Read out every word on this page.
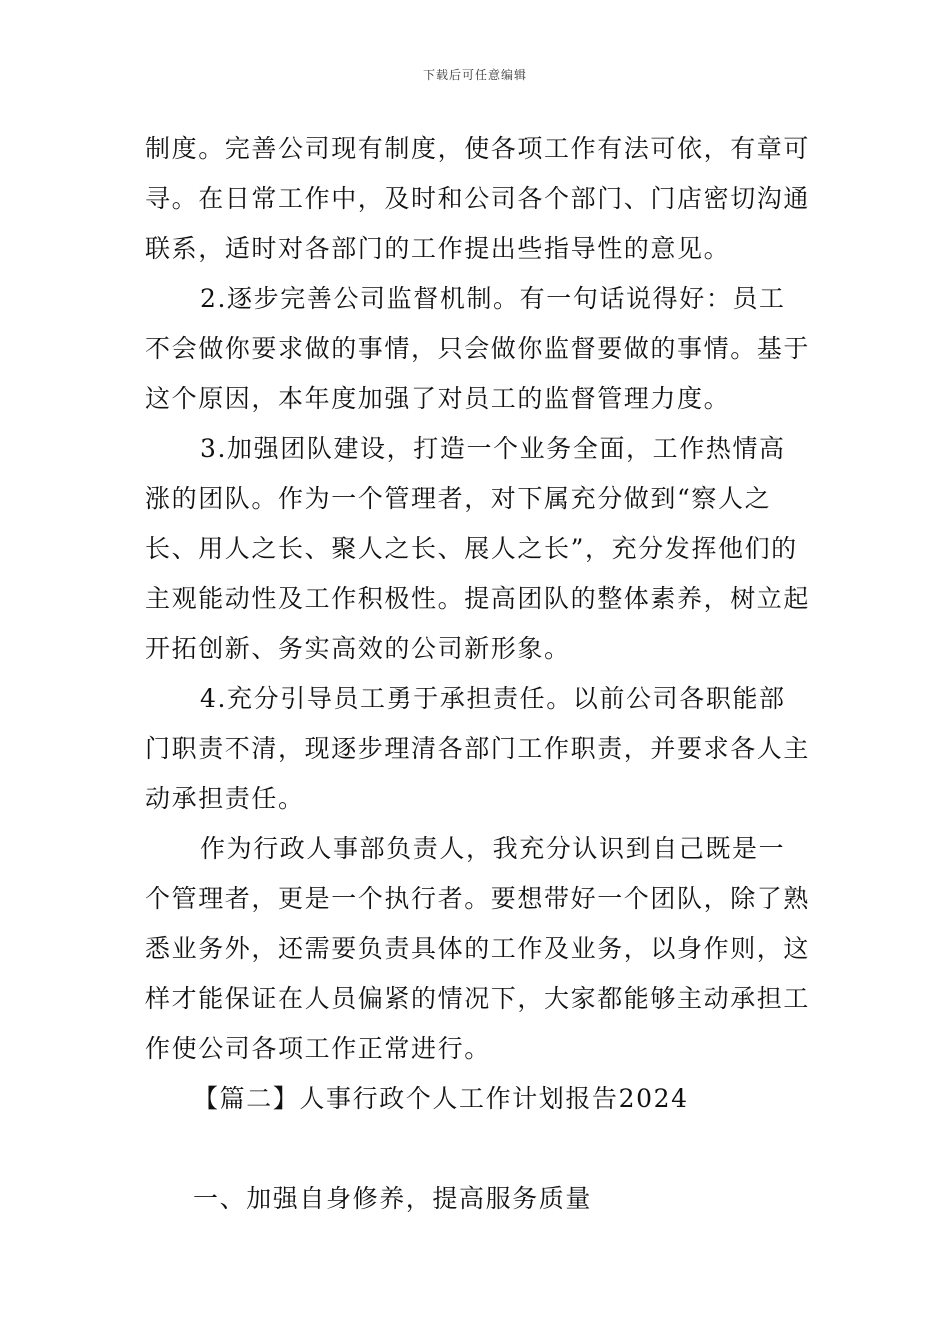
下载后可任意编辑

制度。完善公司现有制度，使各项工作有法可依，有章可寻。在日常工作中，及时和公司各个部门、门店密切沟通联系，适时对各部门的工作提出些指导性的意见。

2.逐步完善公司监督机制。有一句话说得好：员工不会做你要求做的事情，只会做你监督要做的事情。基于这个原因，本年度加强了对员工的监督管理力度。

3.加强团队建设，打造一个业务全面，工作热情高涨的团队。作为一个管理者，对下属充分做到“察人之长、用人之长、聚人之长、展人之长”，充分发挥他们的主观能动性及工作积极性。提高团队的整体素养，树立起开拓创新、务实高效的公司新形象。

4.充分引导员工勇于承担责任。以前公司各职能部门职责不清，现逐步理清各部门工作职责，并要求各人主动承担责任。

作为行政人事部负责人，我充分认识到自己既是一个管理者，更是一个执行者。要想带好一个团队，除了熟悉业务外，还需要负责具体的工作及业务，以身作则，这样才能保证在人员偏紧的情况下，大家都能够主动承担工作使公司各项工作正常进行。

【篇二】人事行政个人工作计划报告2024

一、加强自身修养，提高服务质量
